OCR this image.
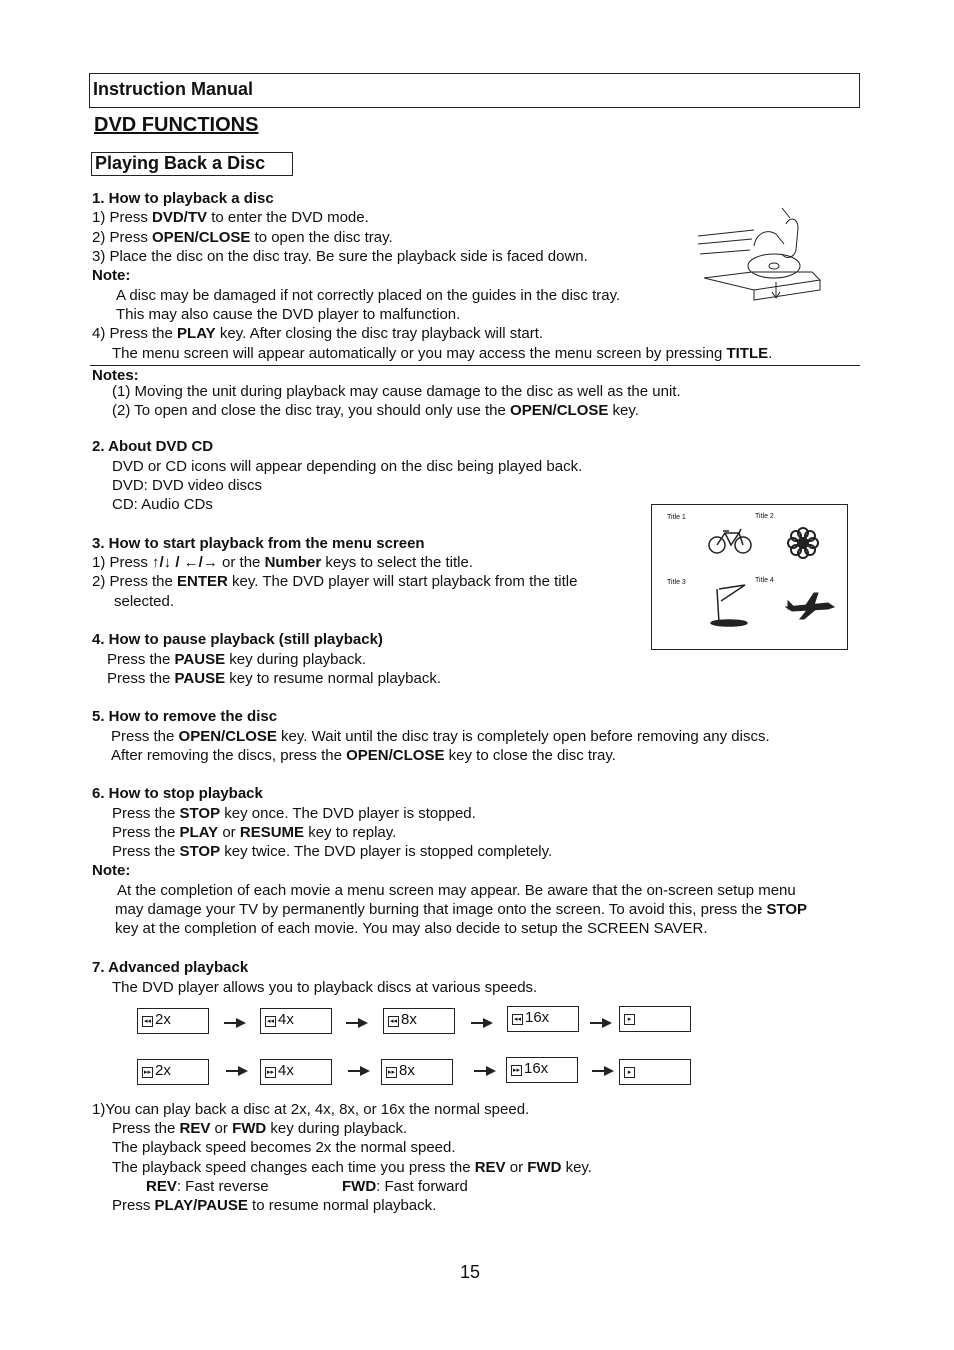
Instruction Manual
DVD FUNCTIONS
Playing Back a Disc
1. How to playback a disc
1) Press DVD/TV to enter the DVD mode.
2) Press OPEN/CLOSE to open the disc tray.
3) Place the disc on the disc tray. Be sure the playback side is faced down.
Note:
A disc may be damaged if not correctly placed on the guides in the disc tray.
This may also cause the DVD player to malfunction.
4) Press the PLAY key. After closing the disc tray playback will start.
The menu screen will appear automatically or you may access the menu screen by pressing TITLE.
Notes:
(1) Moving the unit during playback may cause damage to the disc as well as the unit.
(2) To open and close the disc tray, you should only use the OPEN/CLOSE key.
2. About DVD CD
DVD or CD icons will appear depending on the disc being played back.
DVD: DVD video discs
CD: Audio CDs
Title 1	Title 2
Title 3	Title 4
3. How to start playback from the menu screen
1) Press ↑/↓ / ←/→ or the Number keys to select the title.
2) Press the ENTER key. The DVD player will start playback from the title
selected.
4. How to pause playback (still playback)
Press the PAUSE key during playback.
Press the PAUSE key to resume normal playback.
5. How to remove the disc
Press the OPEN/CLOSE key. Wait until the disc tray is completely open before removing any discs.
After removing the discs, press the OPEN/CLOSE key to close the disc tray.
6. How to stop playback
Press the STOP key once. The DVD player is stopped.
Press the PLAY or RESUME key to replay.
Press the STOP key twice. The DVD player is stopped completely.
Note:
At the completion of each movie a menu screen may appear. Be aware that the on-screen setup menu
may damage your TV by permanently burning that image onto the screen. To avoid this, press the STOP
key at the completion of each movie. You may also decide to setup the SCREEN SAVER.
7. Advanced playback
The DVD player allows you to playback discs at various speeds.
◂◂ 2x	◂◂ 4x	◂◂ 8x	◂◂ 16x	▸
▸▸ 2x	▸▸ 4x	▸▸ 8x	▸▸ 16x	▸
1)You can play back a disc at 2x, 4x, 8x, or 16x the normal speed.
Press the REV or FWD key during playback.
The playback speed becomes 2x the normal speed.
The playback speed changes each time you press the REV or FWD key.
REV: Fast reverse	FWD: Fast forward
Press PLAY/PAUSE to resume normal playback.
15
